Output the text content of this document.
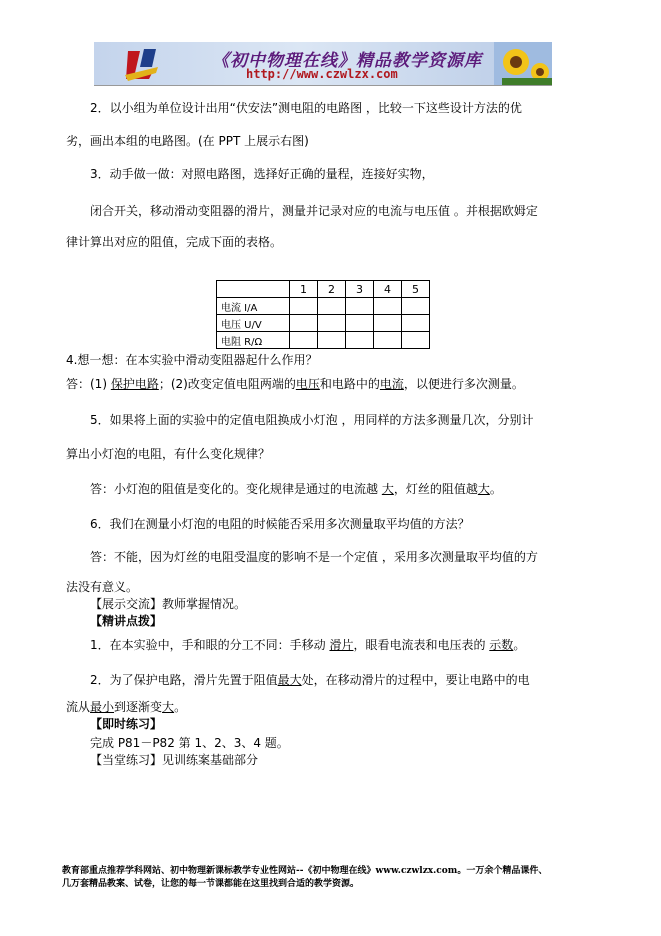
《初中物理在线》精品教学资源库
http://www.czwlzx.com
2．以小组为单位设计出用“伏安法”测电阻的电路图 ，比较一下这些设计方法的优
劣，画出本组的电路图。(在 PPT 上展示右图)
3．动手做一做：对照电路图，选择好正确的量程，连接好实物，
闭合开关，移动滑动变阻器的滑片，测量并记录对应的电流与电压值 。并根据欧姆定
律计算出对应的阻值，完成下面的表格。
	1	2	3	4	5
电流 I/A					
电压 U/V					
电阻 R/Ω					
4.想一想：在本实验中滑动变阻器起什么作用？
答：(1) 保护电路；(2)改变定值电阻两端的电压和电路中的电流，以便进行多次测量。
5．如果将上面的实验中的定值电阻换成小灯泡 ，用同样的方法多测量几次，分别计
算出小灯泡的电阻，有什么变化规律？
答：小灯泡的阻值是变化的。变化规律是通过的电流越 大，灯丝的阻值越大。
6．我们在测量小灯泡的电阻的时候能否采用多次测量取平均值的方法？
答：不能，因为灯丝的电阻受温度的影响不是一个定值 ，采用多次测量取平均值的方
法没有意义。
【展示交流】教师掌握情况。
【精讲点拨】
1．在本实验中，手和眼的分工不同：手移动 滑片，眼看电流表和电压表的 示数。
2．为了保护电路，滑片先置于阻值最大处，在移动滑片的过程中，要让电路中的电
流从最小到逐渐变大。
【即时练习】
完成 P81－P82 第 1、2、3、4 题。
【当堂练习】见训练案基础部分
教育部重点推荐学科网站、初中物理新课标教学专业性网站--《初中物理在线》www.czwlzx.com。一万余个精品课件、
几万套精品教案、试卷，让您的每一节课都能在这里找到合适的教学资源。
